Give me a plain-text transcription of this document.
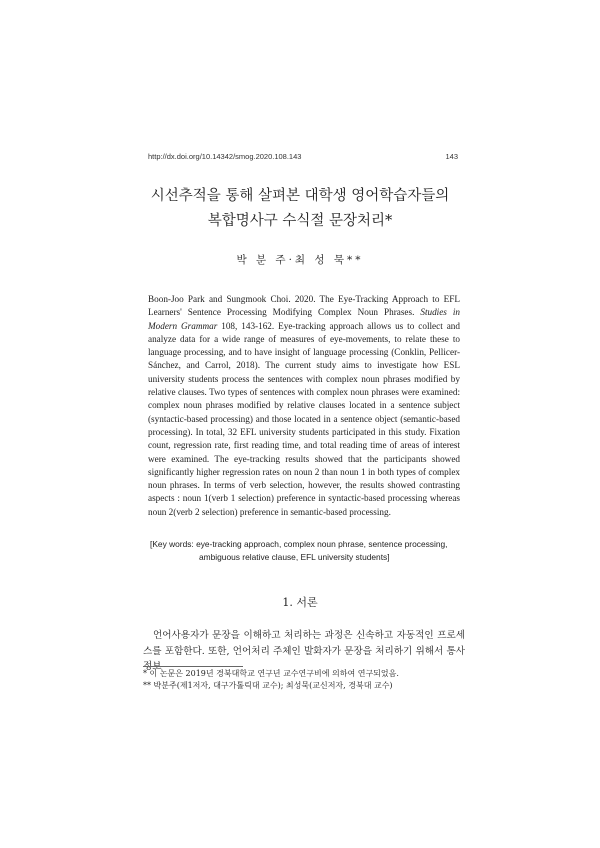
http://dx.doi.org/10.14342/smog.2020.108.143	143
시선추적을 통해 살펴본 대학생 영어학습자들의
복합명사구 수식절 문장처리*
박 분 주·최 성 묵**
Boon-Joo Park and Sungmook Choi. 2020. The Eye-Tracking Approach to EFL Learners' Sentence Processing Modifying Complex Noun Phrases. Studies in Modern Grammar 108, 143-162. Eye-tracking approach allows us to collect and analyze data for a wide range of measures of eye-movements, to relate these to language processing, and to have insight of language processing (Conklin, Pellicer-Sánchez, and Carrol, 2018). The current study aims to investigate how ESL university students process the sentences with complex noun phrases modified by relative clauses. Two types of sentences with complex noun phrases were examined: complex noun phrases modified by relative clauses located in a sentence subject (syntactic-based processing) and those located in a sentence object (semantic-based processing). In total, 32 EFL university students participated in this study. Fixation count, regression rate, first reading time, and total reading time of areas of interest were examined. The eye-tracking results showed that the participants showed significantly higher regression rates on noun 2 than noun 1 in both types of complex noun phrases. In terms of verb selection, however, the results showed contrasting aspects : noun 1(verb 1 selection) preference in syntactic-based processing whereas noun 2(verb 2 selection) preference in semantic-based processing.
[Key words: eye-tracking approach, complex noun phrase, sentence processing,
ambiguous relative clause, EFL university students]
1. 서론

언어사용자가 문장을 이해하고 처리하는 과정은 신속하고 자동적인 프로세스를 포함한다. 또한, 언어처리 주체인 발화자가 문장을 처리하기 위해서 통사정보

* 이 논문은 2019년 경북대학교 연구년 교수연구비에 의하여 연구되었음.
** 박분주(제1저자, 대구가톨릭대 교수); 최성묵(교신저자, 경북대 교수)
